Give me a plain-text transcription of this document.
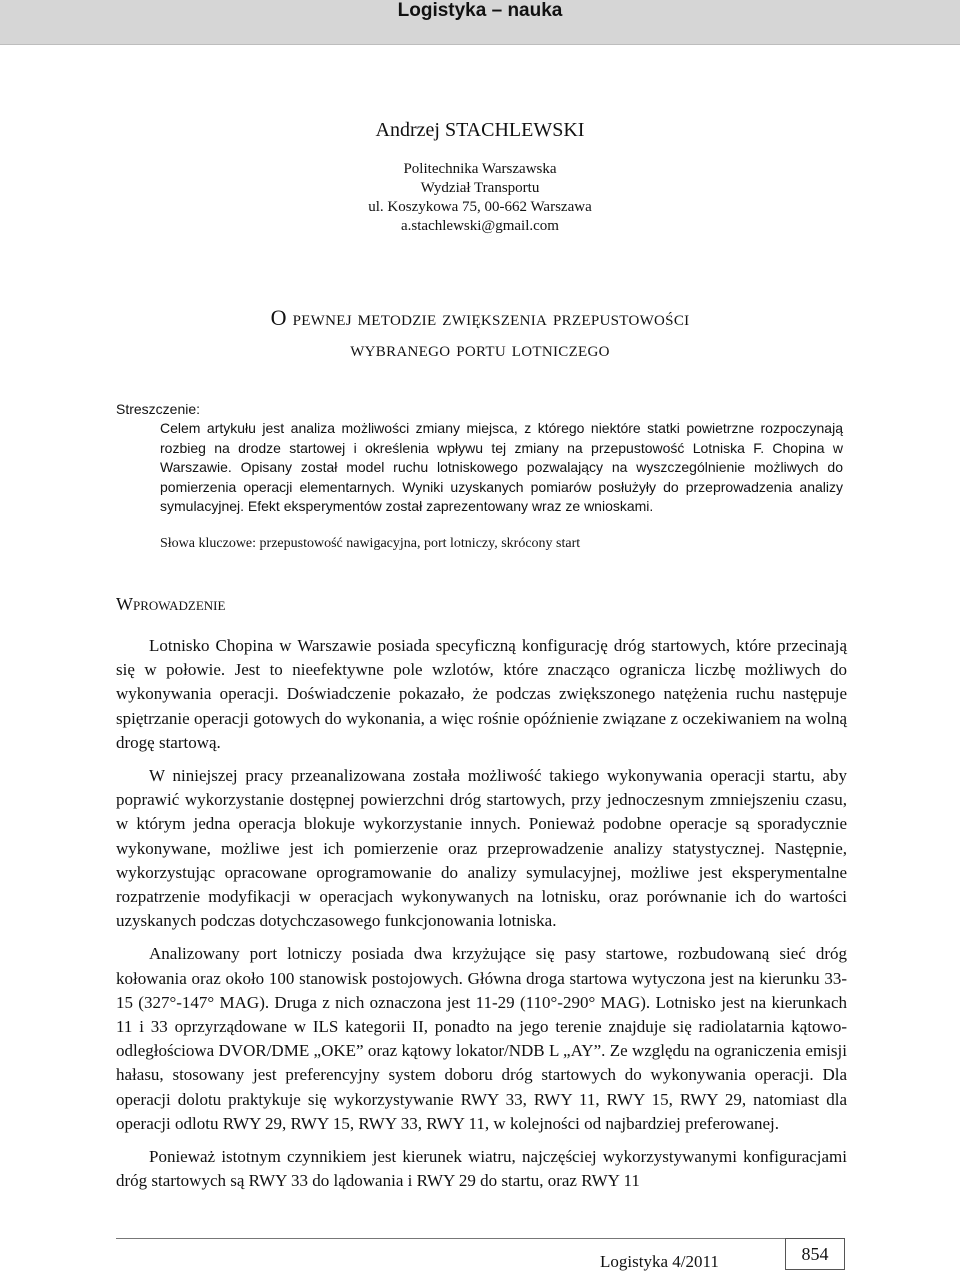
Logistyka – nauka
Andrzej STACHLEWSKI
Politechnika Warszawska
Wydział Transportu
ul. Koszykowa 75, 00-662 Warszawa
a.stachlewski@gmail.com
O pewnej metodzie zwiększenia przepustowości
wybranego portu lotniczego
Streszczenie:

Celem artykułu jest analiza możliwości zmiany miejsca, z którego niektóre statki powietrzne rozpoczynają rozbieg na drodze startowej i określenia wpływu tej zmiany na przepustowość Lotniska F. Chopina w Warszawie. Opisany został model ruchu lotniskowego pozwalający na wyszczególnienie możliwych do pomierzenia operacji elementarnych. Wyniki uzyskanych pomiarów posłużyły do przeprowadzenia analizy symulacyjnej. Efekt eksperymentów został zaprezentowany wraz ze wnioskami.

Słowa kluczowe: przepustowość nawigacyjna, port lotniczy, skrócony start
Wprowadzenie

Lotnisko Chopina w Warszawie posiada specyficzną konfigurację dróg startowych, które przecinają się w połowie. Jest to nieefektywne pole wzlotów, które znacząco ogranicza liczbę możliwych do wykonywania operacji. Doświadczenie pokazało, że podczas zwiększonego natężenia ruchu następuje spiętrzanie operacji gotowych do wykonania, a więc rośnie opóźnienie związane z oczekiwaniem na wolną drogę startową.

W niniejszej pracy przeanalizowana została możliwość takiego wykonywania operacji startu, aby poprawić wykorzystanie dostępnej powierzchni dróg startowych, przy jednoczesnym zmniejszeniu czasu, w którym jedna operacja blokuje wykorzystanie innych. Ponieważ podobne operacje są sporadycznie wykonywane, możliwe jest ich pomierzenie oraz przeprowadzenie analizy statystycznej. Następnie, wykorzystując opracowane oprogramowanie do analizy symulacyjnej, możliwe jest eksperymentalne rozpatrzenie modyfikacji w operacjach wykonywanych na lotnisku, oraz porównanie ich do wartości uzyskanych podczas dotychczasowego funkcjonowania lotniska.

Analizowany port lotniczy posiada dwa krzyżujące się pasy startowe, rozbudowaną sieć dróg kołowania oraz około 100 stanowisk postojowych. Główna droga startowa wytyczona jest na kierunku 33-15 (327°-147° MAG). Druga z nich oznaczona jest 11-29 (110°-290° MAG). Lotnisko jest na kierunkach 11 i 33 oprzyrządowane w ILS kategorii II, ponadto na jego terenie znajduje się radiolatarnia kątowo-odległościowa DVOR/DME „OKE” oraz kątowy lokator/NDB L „AY”. Ze względu na ograniczenia emisji hałasu, stosowany jest preferencyjny system doboru dróg startowych do wykonywania operacji. Dla operacji dolotu praktykuje się wykorzystywanie RWY 33, RWY 11, RWY 15, RWY 29, natomiast dla operacji odlotu RWY 29, RWY 15, RWY 33, RWY 11, w kolejności od najbardziej preferowanej.

Ponieważ istotnym czynnikiem jest kierunek wiatru, najczęściej wykorzystywanymi konfiguracjami dróg startowych są RWY 33 do lądowania i RWY 29 do startu, oraz RWY 11

Logistyka 4/2011	854
